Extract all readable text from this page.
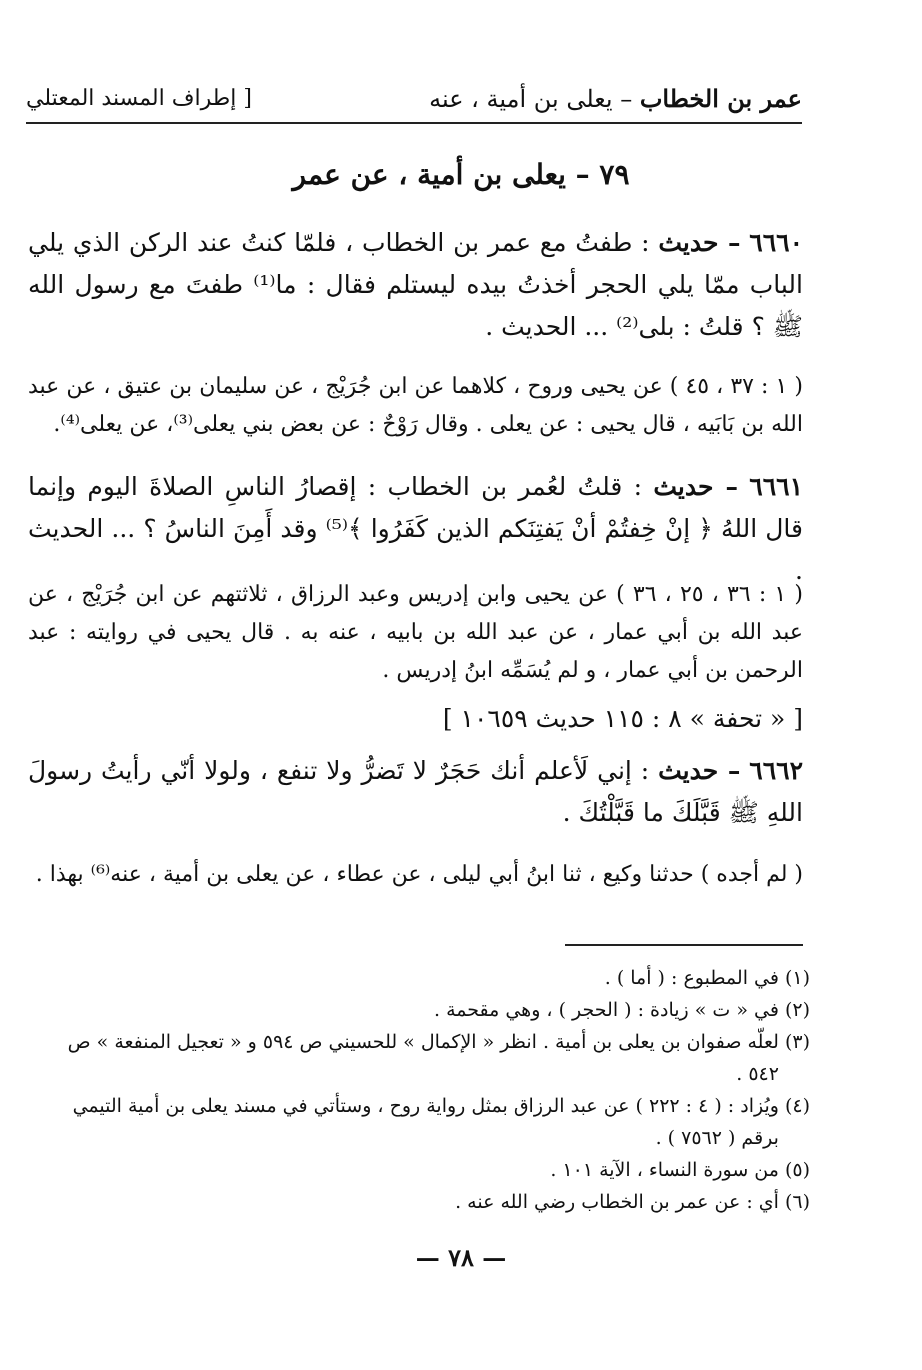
عمر بن الخطاب – يعلى بن أمية ، عنه
[ إطراف المسند المعتلي
٧٩ – يعلى بن أمية ، عن عمر

٦٦٦٠ – حديث : طفتُ مع عمر بن الخطاب ، فلمّا كنتُ عند الركن الذي يلي الباب ممّا يلي الحجر أخذتُ بيده ليستلم فقال : ما⁽¹⁾ طفتَ مع رسول الله ﷺ ؟ قلتُ : بلى⁽²⁾ ... الحديث .

( ١ : ٣٧ ، ٤٥ ) عن يحيى وروح ، كلاهما عن ابن جُرَيْج ، عن سليمان بن عتيق ، عن عبد الله بن بَابَيه ، قال يحيى : عن يعلى . وقال رَوْحٌ : عن بعض بني يعلى⁽³⁾، عن يعلى⁽⁴⁾.

٦٦٦١ – حديث : قلتُ لعُمر بن الخطاب : إقصارُ الناسِ الصلاةَ اليوم وإنما قال اللهُ ﴿ إنْ خِفتُمْ أنْ يَفتِنَكم الذين كَفَرُوا ﴾⁽⁵⁾ وقد أَمِنَ الناسُ ؟ ... الحديث .

( ١ : ٣٦ ، ٢٥ ، ٣٦ ) عن يحيى وابن إدريس وعبد الرزاق ، ثلاثتهم عن ابن جُرَيْج ، عن عبد الله بن أبي عمار ، عن عبد الله بن بابيه ، عنه به . قال يحيى في روايته : عبد الرحمن بن أبي عمار ، و لم يُسَمِّه ابنُ إدريس .

[ « تحفة » ٨ : ١١٥ حديث ١٠٦٥٩ ]

٦٦٦٢ – حديث : إني لَأعلم أنك حَجَرٌ لا تَضرُّ ولا تنفع ، ولولا أنّي رأيتُ رسولَ اللهِ ﷺ قَبَّلَكَ ما قَبَّلْتُكَ .

( لم أجده ) حدثنا وكيع ، ثنا ابنُ أبي ليلى ، عن عطاء ، عن يعلى بن أمية ، عنه⁽⁶⁾ بهذا .

(١)
في المطبوع : ( أما ) .
(٢)
في « ت » زيادة : ( الحجر ) ، وهي مقحمة .
(٣)
لعلّه صفوان بن يعلى بن أمية . انظر « الإكمال » للحسيني ص ٥٩٤ و « تعجيل المنفعة » ص ٥٤٢ .
(٤)
ويُزاد : ( ٤ : ٢٢٢ ) عن عبد الرزاق بمثل رواية روح ، وستأتي في مسند يعلى بن أمية التيمي برقم ( ٧٥٦٢ ) .
(٥)
من سورة النساء ، الآية ١٠١ .
(٦)
أي : عن عمر بن الخطاب رضي الله عنه .
— ٧٨ —
